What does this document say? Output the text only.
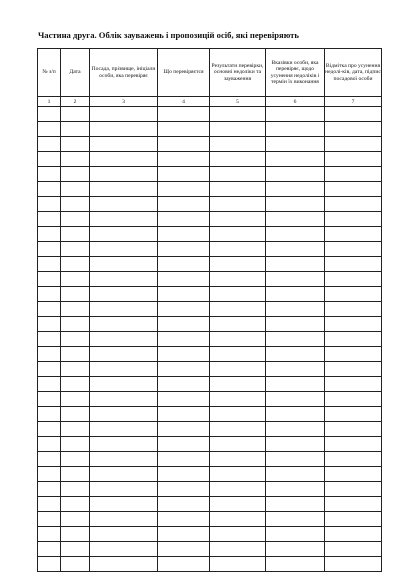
Частина друга. Облік зауважень і пропозицій осіб, які перевіряють
№ з/п	Дата	Посада, прізвище, ініціали особи, яка перевіряє	Що перевіряєтся	Результати перевірки, основні недоліки та зауваження	Вказівки особи, яка перевіряє, щодо усунення недоліків і терміи їх виконання	Відмітка про усунення недолі-ків, дата, підпис посадової особи
1	2	3	4	5	6	7
